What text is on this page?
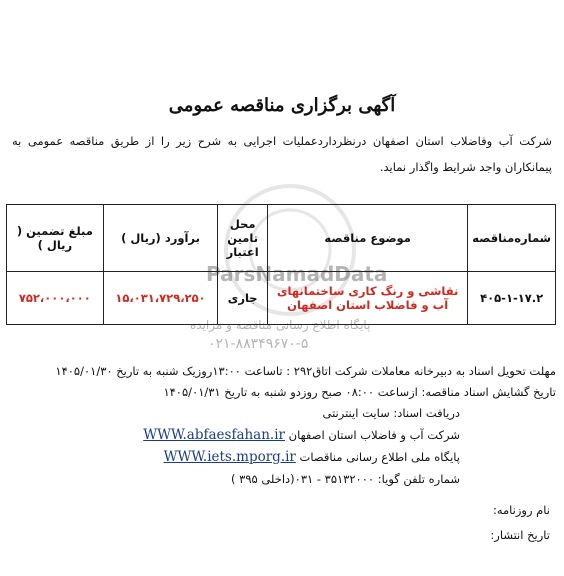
ParsNamadData
پایگاه اطلاع رسانی مناقصه و مزایده
۰۲۱-۸۸۳۴۹۶۷۰-۵
آگهی برگزاری مناقصه عمومی
شرکت آب وفاضلاب استان اصفهان درنظردارد‌عملیات اجرایی به شرح زیر را از طریق مناقصه عمومی به پیمانکاران واجد شرایط واگذار نماید.
شماره‌مناقصه	موضوع مناقصه	محل تامین اعتبار	برآورد (ریال )	مبلغ تضمین ( ریال )
۴۰۵-۱-۱۷.۲	نقاشی و رنگ کاری ساختمانهای آب و فاضلاب استان اصفهان	جاری	۱۵،۰۳۱،۷۲۹،۲۵۰	۷۵۲،۰۰۰،۰۰۰
مهلت تحویل اسناد به دبیرخانه معاملات شرکت اتاق۲۹۲ : تاساعت ۱۳:۰۰روزیک شنبه به تاریخ ۱۴۰۵/۰۱/۳۰
تاریخ گشایش اسناد مناقصه: ازساعت ۰۸:۰۰ صبح روزدو شنبه به تاریخ ۱۴۰۵/۰۱/۳۱
دریافت اسناد: سایت اینترنتی
شرکت آب و فاضلاب استان اصفهان WWW.abfaesfahan.ir
پایگاه ملی اطلاع رسانی مناقصات WWW.iets.mporg.ir
شماره تلفن گویا: ۳۵۱۳۲۰۰۰ - ۰۳۱(داخلی ۳۹۵ )
نام روزنامه:
تاریخ انتشار:
